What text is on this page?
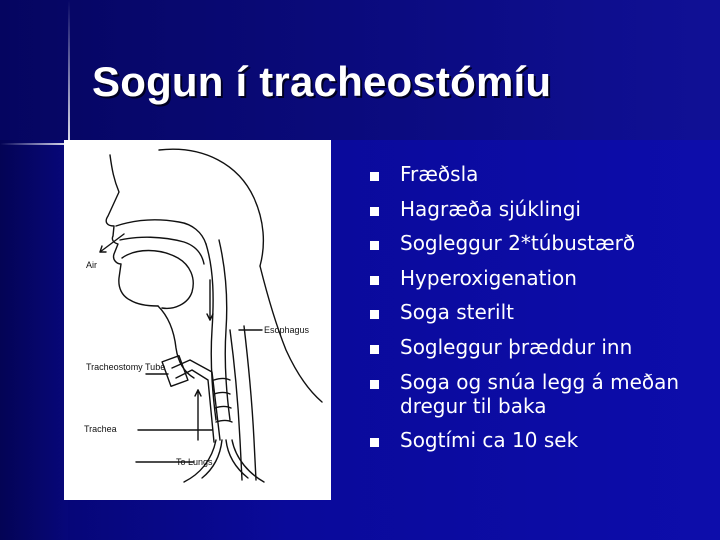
Sogun í tracheostómíu
Air
Esophagus
Tracheostomy Tube
Trachea
To Lungs
Fræðsla
Hagræða sjúklingi
Sogleggur 2*túbustærð
Hyperoxigenation
Soga sterilt
Sogleggur þræddur inn
Soga og snúa legg á meðan dregur til baka
Sogtími ca 10 sek
